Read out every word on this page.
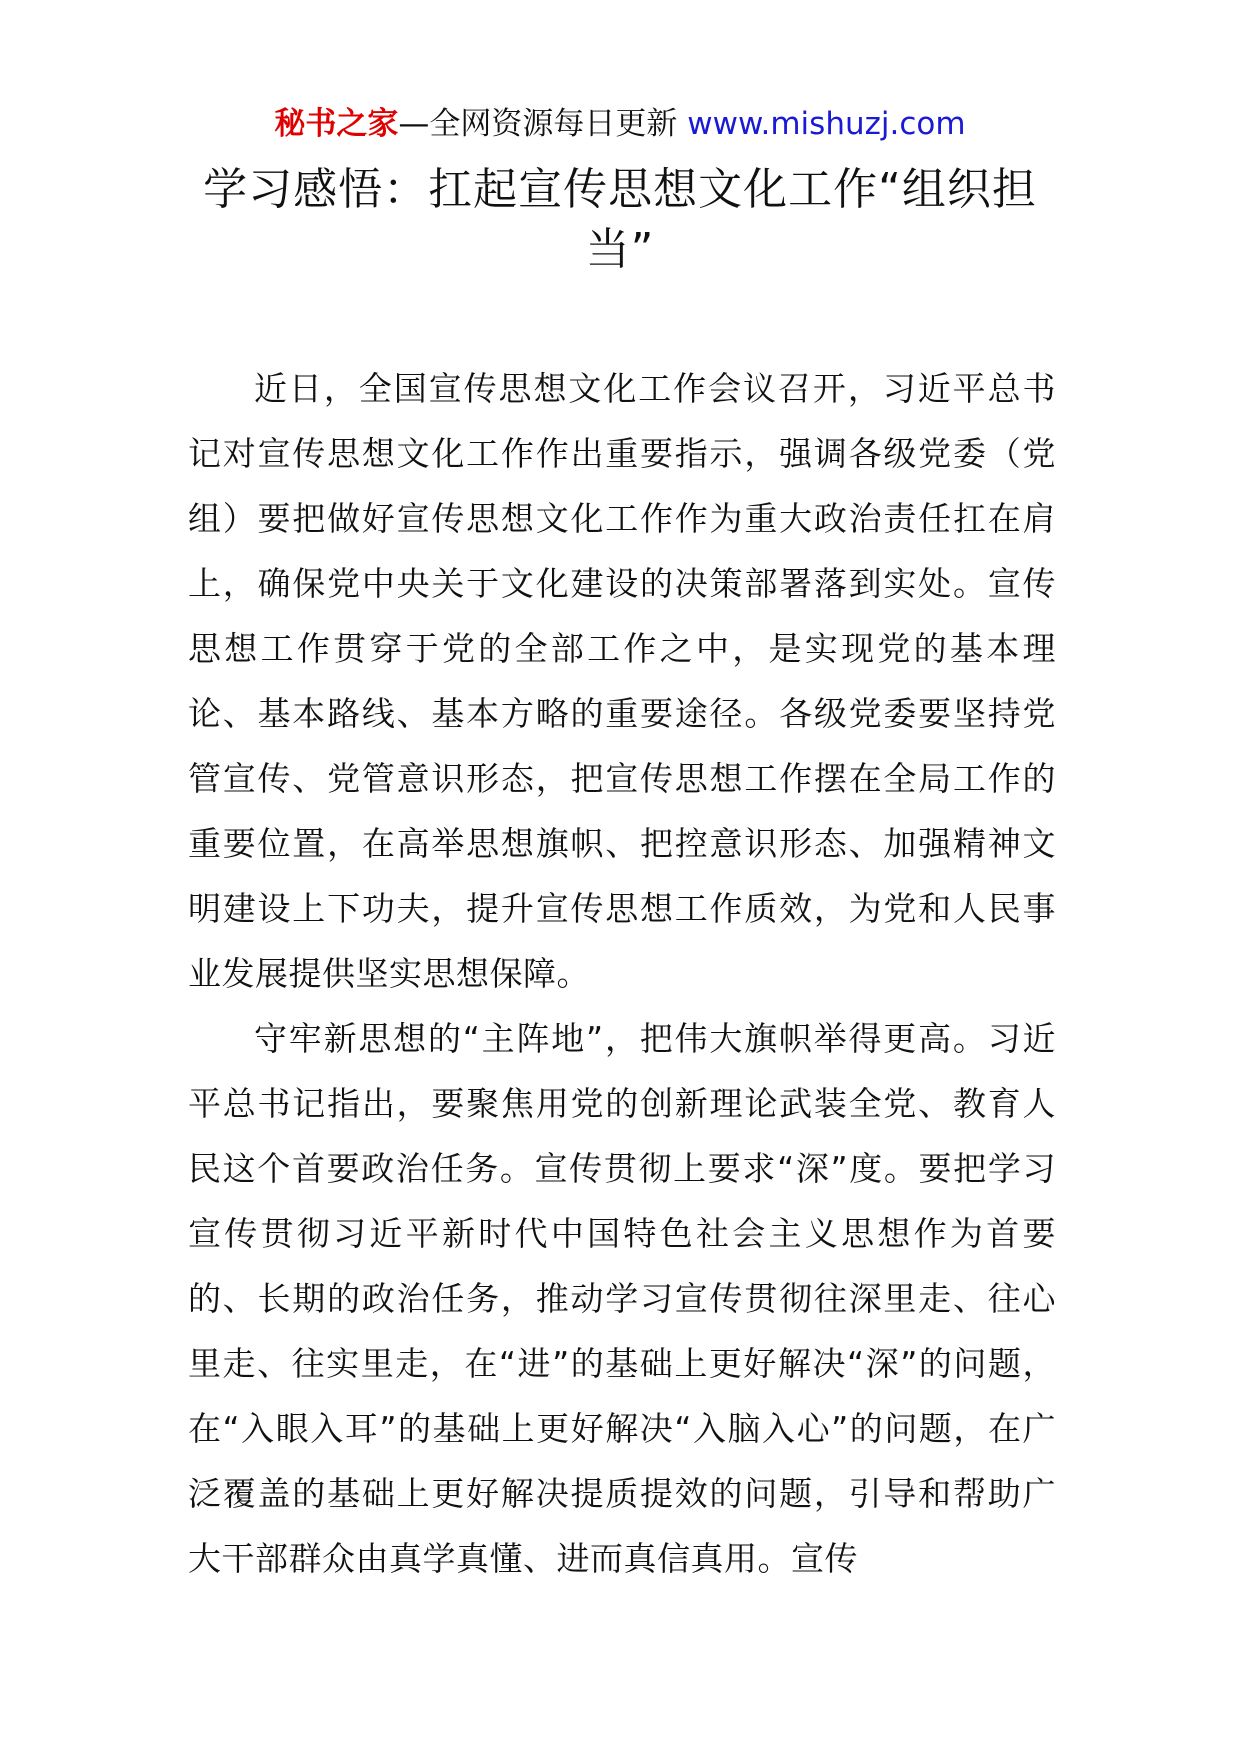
秘书之家—全网资源每日更新 www.mishuzj.com
学习感悟：扛起宣传思想文化工作“组织担当”

近日，全国宣传思想文化工作会议召开，习近平总书记对宣传思想文化工作作出重要指示，强调各级党委（党组）要把做好宣传思想文化工作作为重大政治责任扛在肩上，确保党中央关于文化建设的决策部署落到实处。宣传思想工作贯穿于党的全部工作之中，是实现党的基本理论、基本路线、基本方略的重要途径。各级党委要坚持党管宣传、党管意识形态，把宣传思想工作摆在全局工作的重要位置，在高举思想旗帜、把控意识形态、加强精神文明建设上下功夫，提升宣传思想工作质效，为党和人民事业发展提供坚实思想保障。

守牢新思想的“主阵地”，把伟大旗帜举得更高。习近平总书记指出，要聚焦用党的创新理论武装全党、教育人民这个首要政治任务。宣传贯彻上要求“深”度。要把学习宣传贯彻习近平新时代中国特色社会主义思想作为首要的、长期的政治任务，推动学习宣传贯彻往深里走、往心里走、往实里走，在“进”的基础上更好解决“深”的问题，在“入眼入耳”的基础上更好解决“入脑入心”的问题，在广泛覆盖的基础上更好解决提质提效的问题，引导和帮助广大干部群众由真学真懂、进而真信真用。宣传
